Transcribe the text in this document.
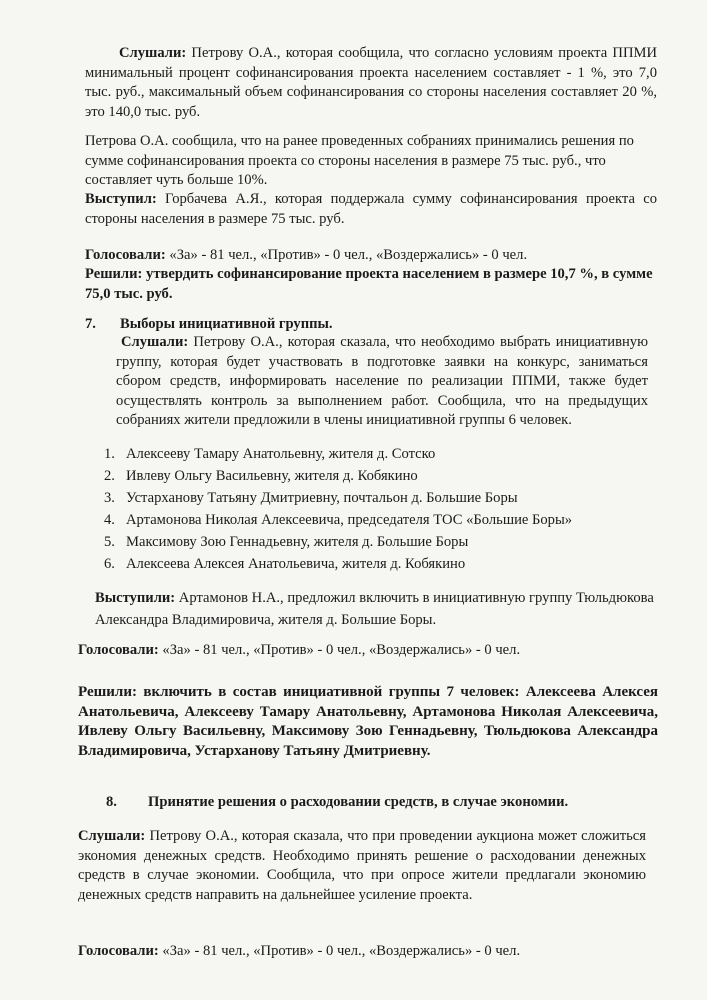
Слушали: Петрову О.А., которая сообщила, что согласно условиям проекта ППМИ минимальный процент софинансирования проекта населением составляет - 1 %, это 7,0 тыс. руб., максимальный объем софинансирования со стороны населения составляет 20 %, это 140,0 тыс. руб.

Петрова О.А. сообщила, что на ранее проведенных собраниях принимались решения по сумме софинансирования проекта со стороны населения в размере 75 тыс. руб., что составляет чуть больше 10%.

Выступил: Горбачева А.Я., которая поддержала сумму софинансирования проекта со стороны населения в размере 75 тыс. руб.

Голосовали: «За» - 81 чел., «Против» - 0 чел., «Воздержались» - 0 чел.

Решили: утвердить софинансирование проекта населением в размере 10,7 %, в сумме 75,0 тыс. руб.

7. Выборы инициативной группы.

Слушали: Петрову О.А., которая сказала, что необходимо выбрать инициативную группу, которая будет участвовать в подготовке заявки на конкурс, заниматься сбором средств, информировать население по реализации ППМИ, также будет осуществлять контроль за выполнением работ. Сообщила, что на предыдущих собраниях жители предложили в члены инициативной группы 6 человек.

1. Алексееву Тамару Анатольевну, жителя д. Сотско
2. Ивлеву Ольгу Васильевну, жителя д. Кобякино
3. Устарханову Татьяну Дмитриевну, почтальон д. Большие Боры
4. Артамонова Николая Алексеевича, председателя ТОС «Большие Боры»
5. Максимову Зою Геннадьевну, жителя д. Большие Боры
6. Алексеева Алексея Анатольевича, жителя д. Кобякино

Выступили: Артамонов Н.А., предложил включить в инициативную группу Тюльдюкова Александра Владимировича, жителя д. Большие Боры.

Голосовали: «За» - 81 чел., «Против» - 0 чел., «Воздержались» - 0 чел.

Решили: включить в состав инициативной группы 7 человек: Алексеева Алексея Анатольевича, Алексееву Тамару Анатольевну, Артамонова Николая Алексеевича, Ивлеву Ольгу Васильевну, Максимову Зою Геннадьевну, Тюльдюкова Александра Владимировича, Устарханову Татьяну Дмитриевну.

8. Принятие решения о расходовании средств, в случае экономии.

Слушали: Петрову О.А., которая сказала, что при проведении аукциона может сложиться экономия денежных средств. Необходимо принять решение о расходовании денежных средств в случае экономии. Сообщила, что при опросе жители предлагали экономию денежных средств направить на дальнейшее усиление проекта.

Голосовали: «За» - 81 чел., «Против» - 0 чел., «Воздержались» - 0 чел.
